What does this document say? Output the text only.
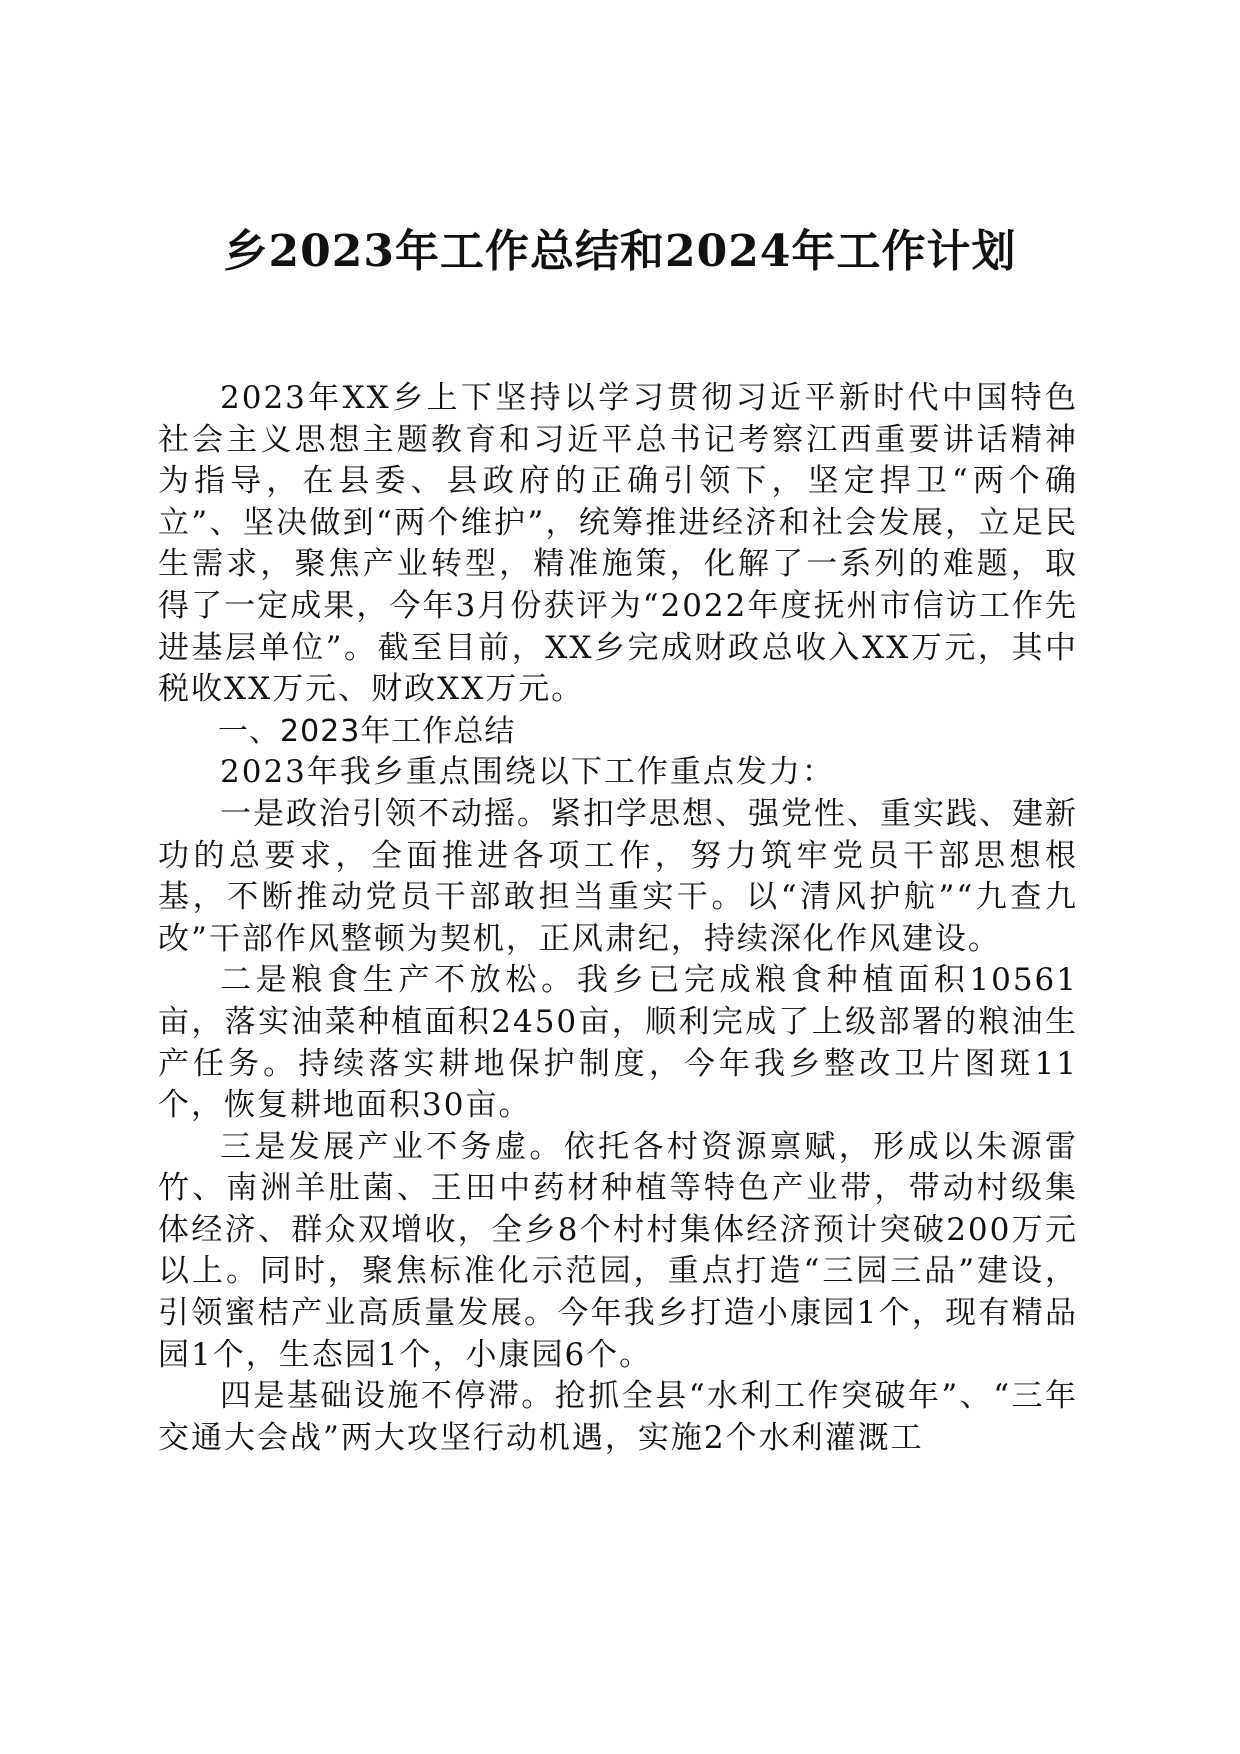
乡2023年工作总结和2024年工作计划

2023年XX乡上下坚持以学习贯彻习近平新时代中国特色社会主义思想主题教育和习近平总书记考察江西重要讲话精神为指导，在县委、县政府的正确引领下，坚定捍卫“两个确立”、坚决做到“两个维护”，统筹推进经济和社会发展，立足民生需求，聚焦产业转型，精准施策，化解了一系列的难题，取得了一定成果，今年3月份获评为“2022年度抚州市信访工作先进基层单位”。截至目前，XX乡完成财政总收入XX万元，其中税收XX万元、财政XX万元。

一、2023年工作总结

2023年我乡重点围绕以下工作重点发力：

一是政治引领不动摇。紧扣学思想、强党性、重实践、建新功的总要求，全面推进各项工作，努力筑牢党员干部思想根基，不断推动党员干部敢担当重实干。以“清风护航”“九查九改”干部作风整顿为契机，正风肃纪，持续深化作风建设。

二是粮食生产不放松。我乡已完成粮食种植面积10561亩，落实油菜种植面积2450亩，顺利完成了上级部署的粮油生产任务。持续落实耕地保护制度，今年我乡整改卫片图斑11个，恢复耕地面积30亩。

三是发展产业不务虚。依托各村资源禀赋，形成以朱源雷竹、南洲羊肚菌、王田中药材种植等特色产业带，带动村级集体经济、群众双增收，全乡8个村村集体经济预计突破200万元以上。同时，聚焦标准化示范园，重点打造“三园三品”建设，引领蜜桔产业高质量发展。今年我乡打造小康园1个，现有精品园1个，生态园1个，小康园6个。

四是基础设施不停滞。抢抓全县“水利工作突破年”、“三年交通大会战”两大攻坚行动机遇，实施2个水利灌溉工
